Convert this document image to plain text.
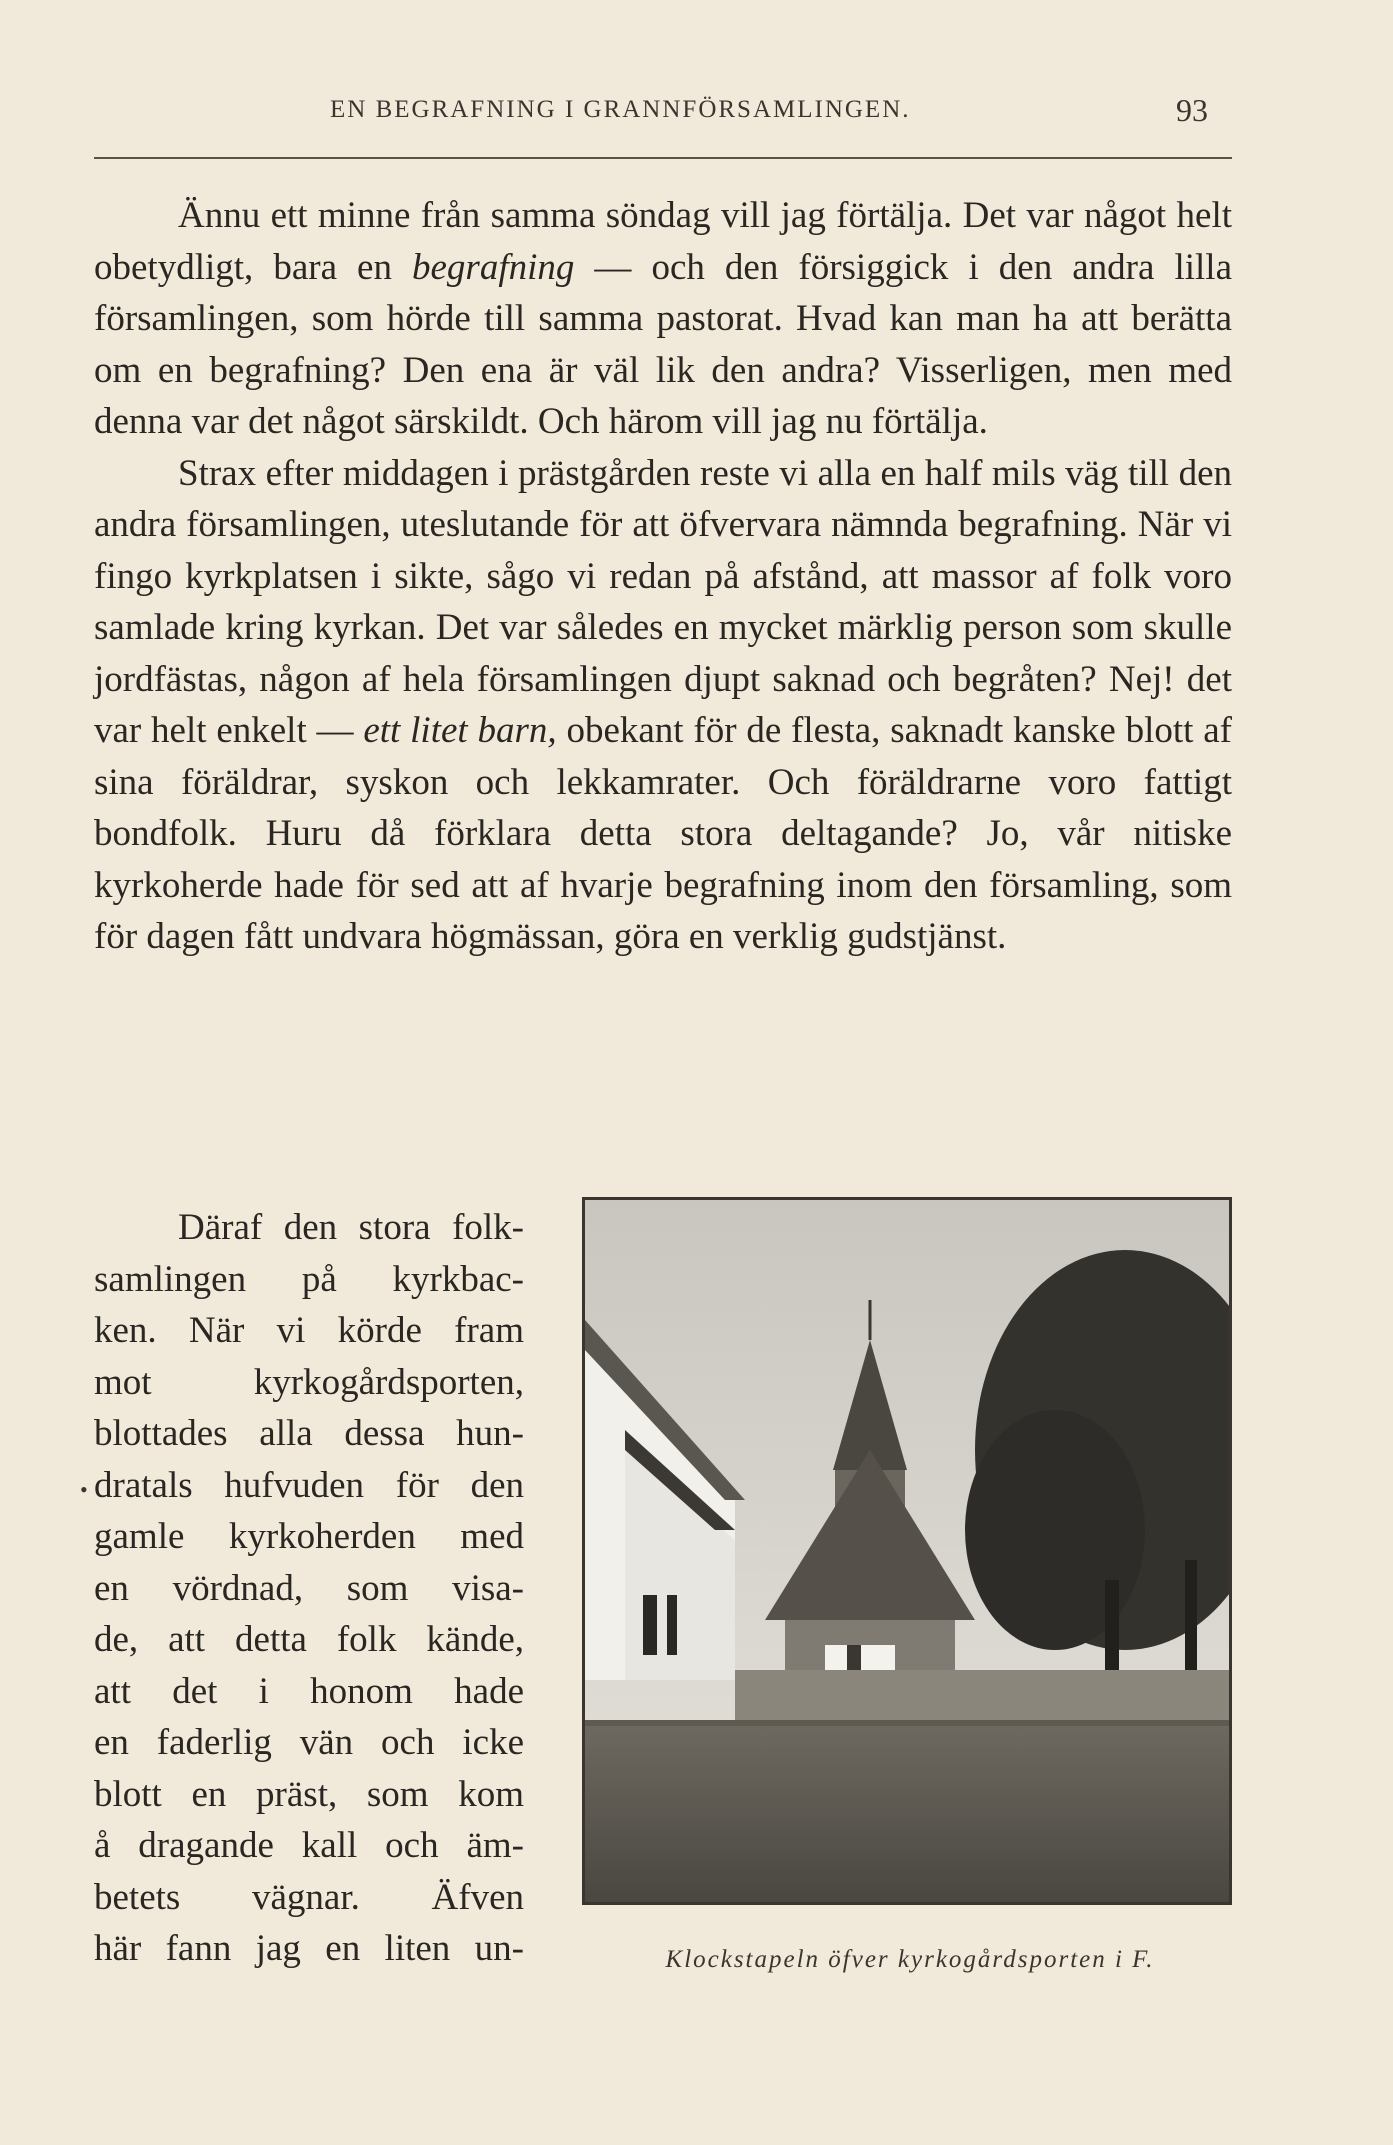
EN BEGRAFNING I GRANNFÖRSAMLINGEN.	93

Ännu ett minne från samma söndag vill jag förtälja. Det var något helt obetydligt, bara en begrafning — och den försiggick i den andra lilla församlingen, som hörde till samma pastorat. Hvad kan man ha att berätta om en begrafning? Den ena är väl lik den andra? Visserligen, men med denna var det något särskildt. Och härom vill jag nu förtälja.

Strax efter middagen i prästgården reste vi alla en half mils väg till den andra församlingen, uteslutande för att öfvervara nämnda begrafning. När vi fingo kyrkplatsen i sikte, sågo vi redan på afstånd, att massor af folk voro samlade kring kyrkan. Det var således en mycket märklig person som skulle jordfästas, någon af hela församlingen djupt saknad och begråten? Nej! det var helt enkelt — ett litet barn, obekant för de flesta, saknadt kanske blott af sina föräldrar, syskon och lekkamrater. Och föräldrarne voro fattigt bondfolk. Huru då förklara detta stora deltagande? Jo, vår nitiske kyrkoherde hade för sed att af hvarje begrafning inom den församling, som för dagen fått undvara högmässan, göra en verklig gudstjänst.

Däraf den stora folk-
samlingen på kyrkbac-
ken. När vi körde fram
mot kyrkogårdsporten,
blottades alla dessa hun-
dratals hufvuden för den
gamle kyrkoherden med
en vördnad, som visa-
de, att detta folk kände,
att det i honom hade
en faderlig vän och icke
blott en präst, som kom
å dragande kall och äm-
betets vägnar. Äfven
här fann jag en liten un-
•
Klockstapeln öfver kyrkogårdsporten i F.
